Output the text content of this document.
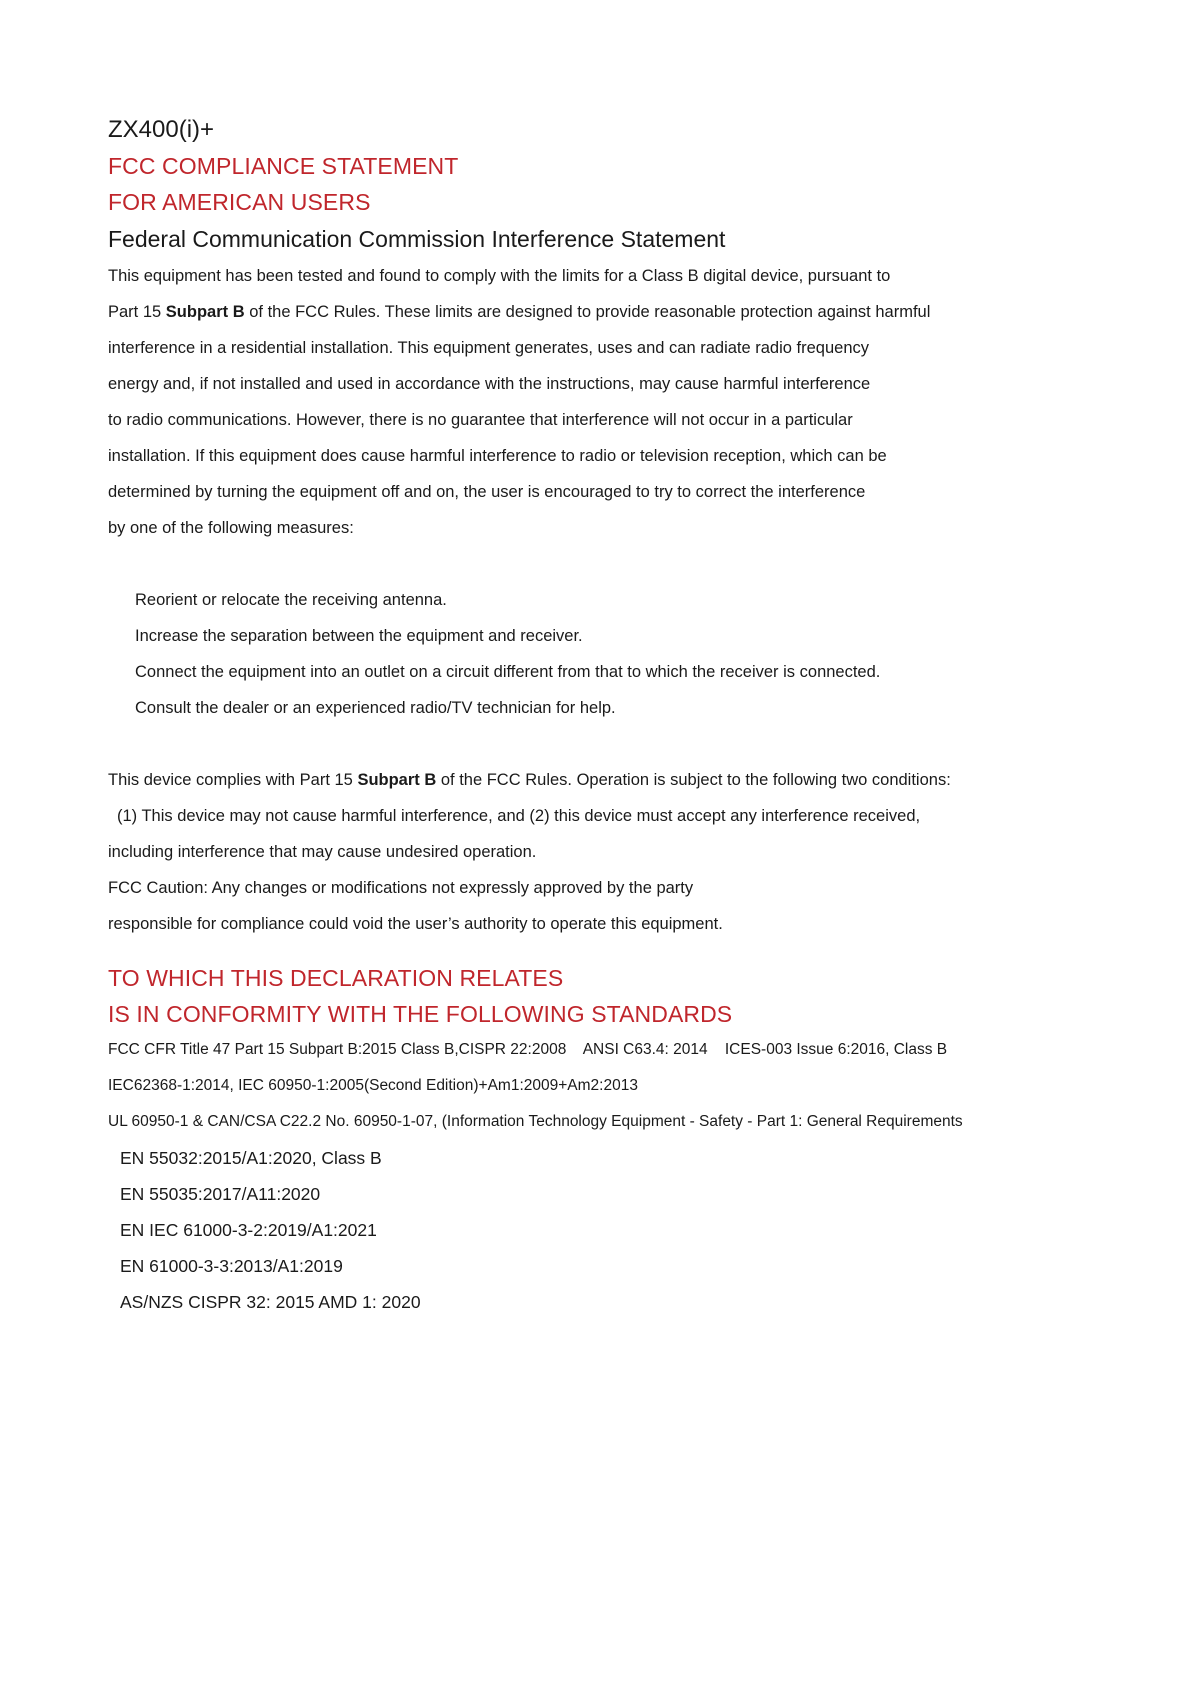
ZX400(i)+
FCC COMPLIANCE STATEMENT
FOR AMERICAN USERS
Federal Communication Commission Interference Statement

This equipment has been tested and found to comply with the limits for a Class B digital device, pursuant to

Part 15 Subpart B of the FCC Rules. These limits are designed to provide reasonable protection against harmful

interference in a residential installation. This equipment generates, uses and can radiate radio frequency

energy and, if not installed and used in accordance with the instructions, may cause harmful interference

to radio communications. However, there is no guarantee that interference will not occur in a particular

installation. If this equipment does cause harmful interference to radio or television reception, which can be

determined by turning the equipment off and on, the user is encouraged to try to correct the interference

by one of the following measures:

Reorient or relocate the receiving antenna.
Increase the separation between the equipment and receiver.
Connect the equipment into an outlet on a circuit different from that to which the receiver is connected.
Consult the dealer or an experienced radio/TV technician for help.

This device complies with Part 15 Subpart B of the FCC Rules. Operation is subject to the following two conditions:

(1) This device may not cause harmful interference, and (2) this device must accept any interference received,

including interference that may cause undesired operation.

FCC Caution: Any changes or modifications not expressly approved by the party

responsible for compliance could void the user’s authority to operate this equipment.

TO WHICH THIS DECLARATION RELATES
IS IN CONFORMITY WITH THE FOLLOWING STANDARDS

FCC CFR Title 47 Part 15 Subpart B:2015 Class B,CISPR 22:2008    ANSI C63.4: 2014    ICES-003 Issue 6:2016, Class B

IEC62368-1:2014, IEC 60950-1:2005(Second Edition)+Am1:2009+Am2:2013

UL 60950-1 & CAN/CSA C22.2 No. 60950-1-07, (Information Technology Equipment - Safety - Part 1: General Requirements

EN 55032:2015/A1:2020, Class B
EN 55035:2017/A11:2020
EN IEC 61000-3-2:2019/A1:2021
EN 61000-3-3:2013/A1:2019
AS/NZS CISPR 32: 2015 AMD 1: 2020
